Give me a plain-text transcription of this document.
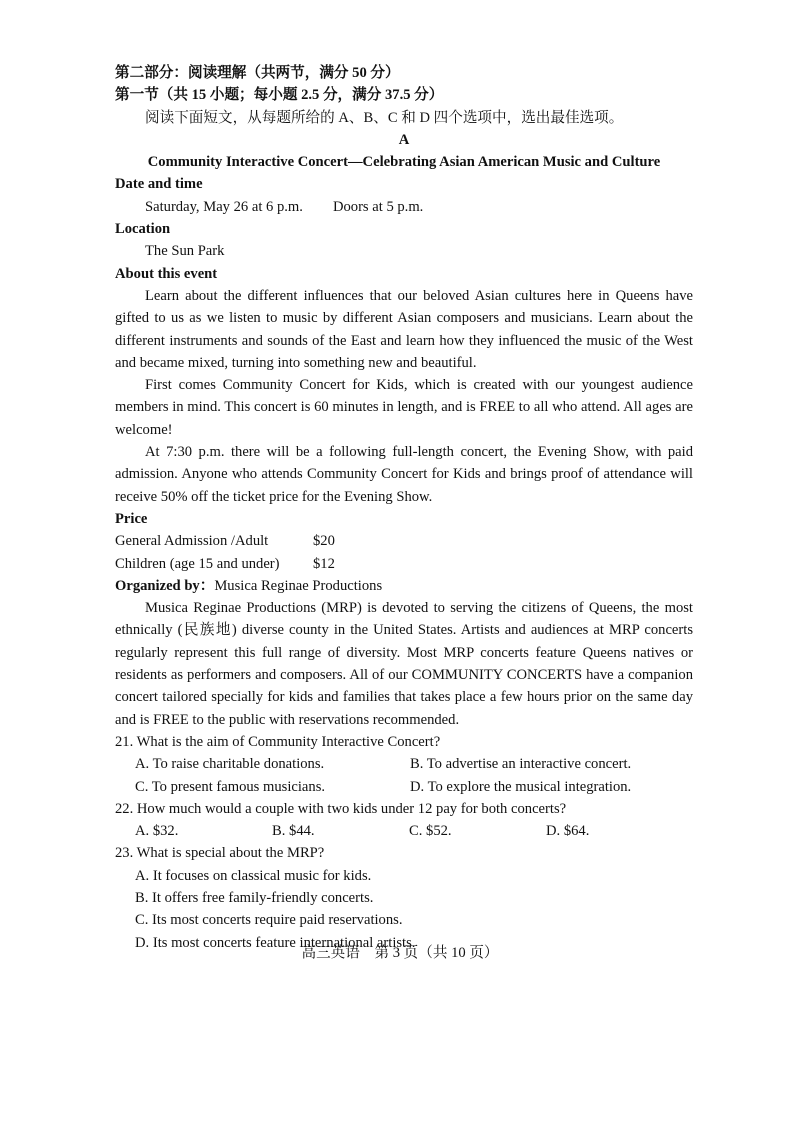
第二部分：阅读理解（共两节，满分 50 分）
第一节（共 15 小题；每小题 2.5 分，满分 37.5 分）
阅读下面短文，从每题所给的 A、B、C 和 D 四个选项中，选出最佳选项。
A
Community Interactive Concert—Celebrating Asian American Music and Culture
Date and time
Saturday, May 26 at 6 p.m. Doors at 5 p.m.
Location
The Sun Park
About this event

Learn about the different influences that our beloved Asian cultures here in Queens have gifted to us as we listen to music by different Asian composers and musicians. Learn about the different instruments and sounds of the East and learn how they influenced the music of the West and became mixed, turning into something new and beautiful.

First comes Community Concert for Kids, which is created with our youngest audience members in mind. This concert is 60 minutes in length, and is FREE to all who attend. All ages are welcome!

At 7:30 p.m. there will be a following full-length concert, the Evening Show, with paid admission. Anyone who attends Community Concert for Kids and brings proof of attendance will receive 50% off the ticket price for the Evening Show.

Price
General Admission /Adult	$20
Children (age 15 and under)	$12
Organized by：Musica Reginae Productions

Musica Reginae Productions (MRP) is devoted to serving the citizens of Queens, the most ethnically (民族地) diverse county in the United States. Artists and audiences at MRP concerts regularly represent this full range of diversity. Most MRP concerts feature Queens natives or residents as performers and composers. All of our COMMUNITY CONCERTS have a companion concert tailored specially for kids and families that takes place a few hours prior on the same day and is FREE to the public with reservations recommended.

21. What is the aim of Community Interactive Concert?
A. To raise charitable donations.	B. To advertise an interactive concert.
C. To present famous musicians.	D. To explore the musical integration.
22. How much would a couple with two kids under 12 pay for both concerts?
A. $32.	B. $44.	C. $52.	D. $64.
23. What is special about the MRP?
A. It focuses on classical music for kids.
B. It offers free family-friendly concerts.
C. Its most concerts require paid reservations.
D. Its most concerts feature international artists.
高三英语　第 3 页（共 10 页）
